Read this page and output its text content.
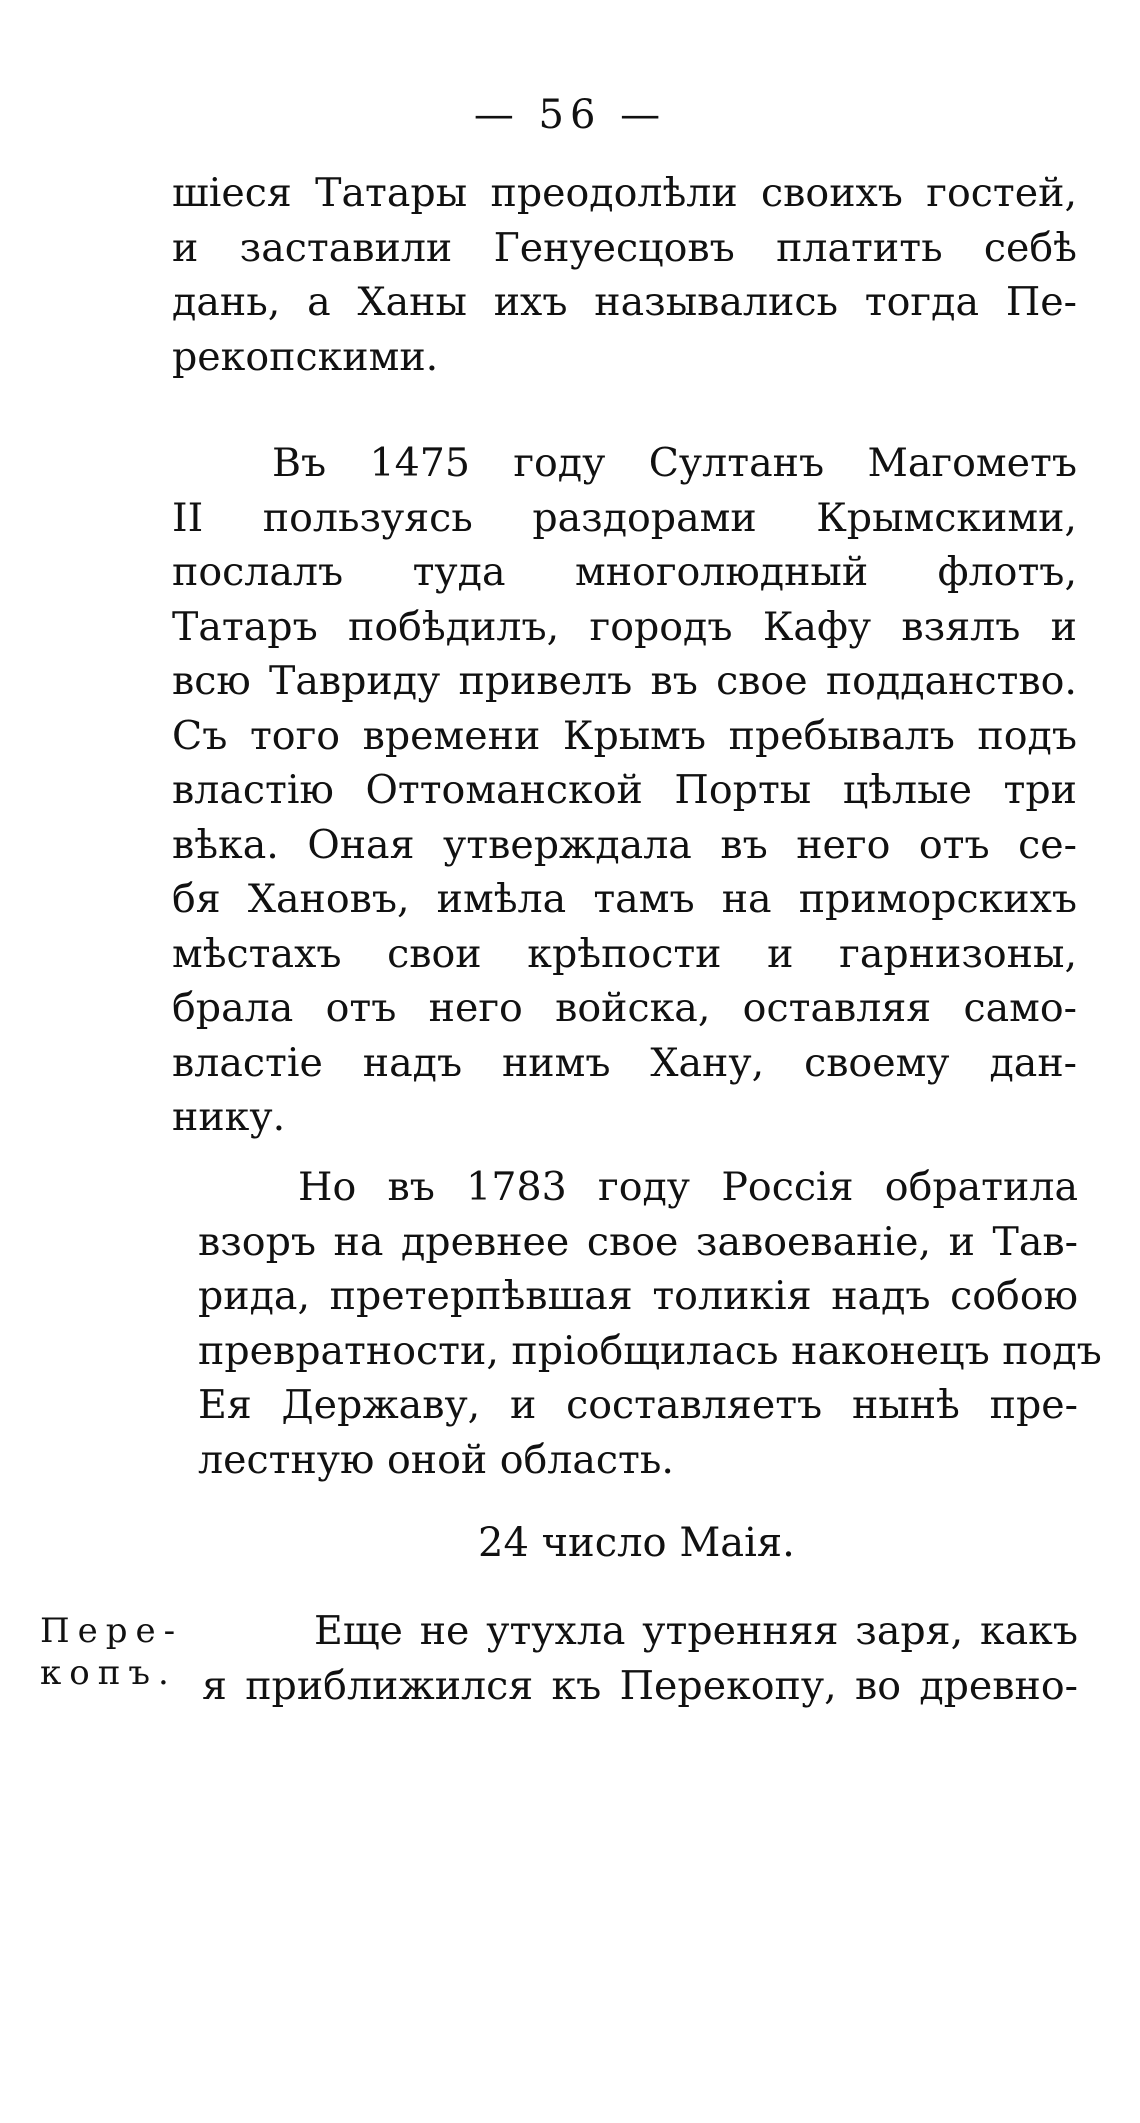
— 56 —
шіеся Татары преодолѣли своихъ гостей,
и заставили Генуесцовъ платить себѣ
дань, а Ханы ихъ назывались тогда Пе-
рекопскими.
Въ 1475 году Султанъ Магометъ
II пользуясь раздорами Крымскими,
послалъ туда многолюдный флотъ,
Татаръ побѣдилъ, городъ Кафу взялъ и
всю Тавриду привелъ въ свое подданство.
Съ того времени Крымъ пребывалъ подъ
властію Оттоманской Порты цѣлые три
вѣка. Оная утверждала въ него отъ се-
бя Хановъ, имѣла тамъ на приморскихъ
мѣстахъ свои крѣпости и гарнизоны,
брала отъ него войска, оставляя само-
властіе надъ нимъ Хану, своему дан-
нику.
Но въ 1783 году Россія обратила
взоръ на древнее свое завоеваніе, и Тав-
рида, претерпѣвшая толикія надъ собою
превратности, пріобщилась наконецъ подъ
Ея Державу, и составляетъ нынѣ пре-
лестную оной область.
24 число Маія.
Пере-
копъ.
Еще не утухла утренняя заря, какъ
я приближился къ Перекопу, во древно-
